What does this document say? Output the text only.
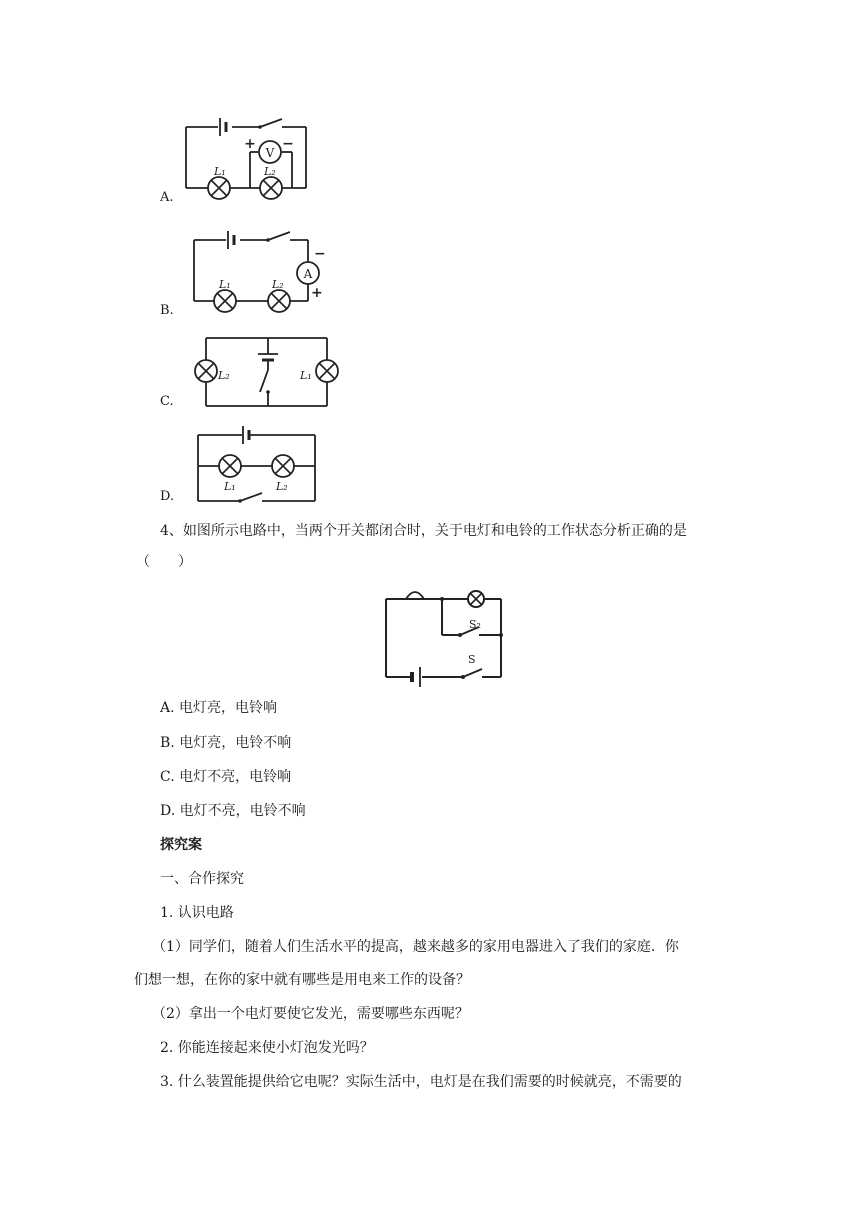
A.
V
+ −
L₁	L₂
B.
A
−
+
L₁	L₂
C.
L₂	L₁
D.
L₁	L₂
4、如图所示电路中，当两个开关都闭合时，关于电灯和电铃的工作状态分析正确的是
（　　）
S₂
S
A. 电灯亮，电铃响
B. 电灯亮，电铃不响
C. 电灯不亮，电铃响
D. 电灯不亮，电铃不响
探究案
一、合作探究
1. 认识电路
（1）同学们，随着人们生活水平的提高，越来越多的家用电器进入了我们的家庭．你
们想一想，在你的家中就有哪些是用电来工作的设备？
（2）拿出一个电灯要使它发光，需要哪些东西呢？
2. 你能连接起来使小灯泡发光吗？
3. 什么装置能提供给它电呢？实际生活中，电灯是在我们需要的时候就亮，不需要的
